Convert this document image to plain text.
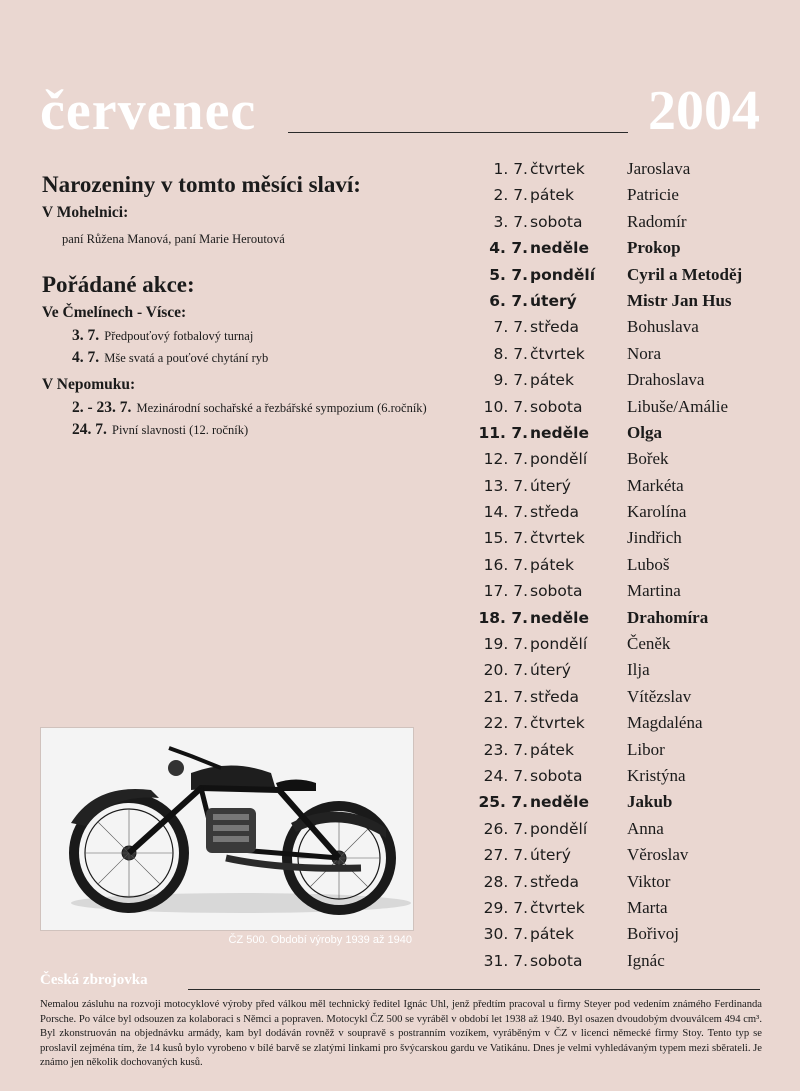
červenec	2004
Narozeniny v tomto měsíci slaví:
V Mohelnici:
paní Růžena Manová, paní Marie Heroutová
Pořádané akce:
Ve Čmelínech - Vísce:
3. 7. Předpouťový fotbalový turnaj
4. 7. Mše svatá a pouťové chytání ryb
V Nepomuku:
2. - 23. 7. Mezinárodní sochařské a řezbářské sympozium (6.ročník)
24. 7. Pivní slavnosti (12. ročník)
1. 7. čtvrtek Jaroslava
2. 7. pátek	Patricie
3. 7. sobota	Radomír
4. 7. neděle Prokop
5. 7. pondělí Cyril a Metoděj
6. 7. úterý	Mistr Jan Hus
7. 7. středa	Bohuslava
8. 7. čtvrtek Nora
9. 7. pátek	Drahoslava
10. 7. sobota	Libuše/Amálie
11. 7. neděle Olga
12. 7. pondělí Bořek
13. 7. úterý	Markéta
14. 7. středa	Karolína
15. 7. čtvrtek Jindřich
16. 7. pátek	Luboš
17. 7. sobota	Martina
18. 7. neděle Drahomíra
19. 7. pondělí Čeněk
20. 7. úterý	Ilja
21. 7. středa	Vítězslav
22. 7. čtvrtek Magdaléna
23. 7. pátek	Libor
24. 7. sobota	Kristýna
25. 7. neděle Jakub
26. 7. pondělí Anna
27. 7. úterý	Věroslav
28. 7. středa	Viktor
29. 7. čtvrtek Marta
30. 7. pátek	Bořivoj
31. 7. sobota	Ignác
ČZ 500. Období výroby 1939 až 1940
Česká zbrojovka

Nemalou zásluhu na rozvoji motocyklové výroby před válkou měl technický ředitel Ignác Uhl, jenž předtím pracoval u firmy Steyer pod vedením známého Ferdinanda Porsche. Po válce byl odsouzen za kolaboraci s Němci a popraven. Motocykl ČZ 500 se vyráběl v období let 1938 až 1940. Byl osazen dvoudobým dvouválcem 494 cm³. Byl zkonstruován na objednávku armády, kam byl dodáván rovněž v soupravě s postranním vozíkem, vyráběným v ČZ v licenci německé firmy Stoy. Tento typ se proslavil zejména tím, že 14 kusů bylo vyrobeno v bílé barvě se zlatými linkami pro švýcarskou gardu ve Vatikánu. Dnes je velmi vyhledávaným typem mezi sběrateli. Je známo jen několik dochovaných kusů.
